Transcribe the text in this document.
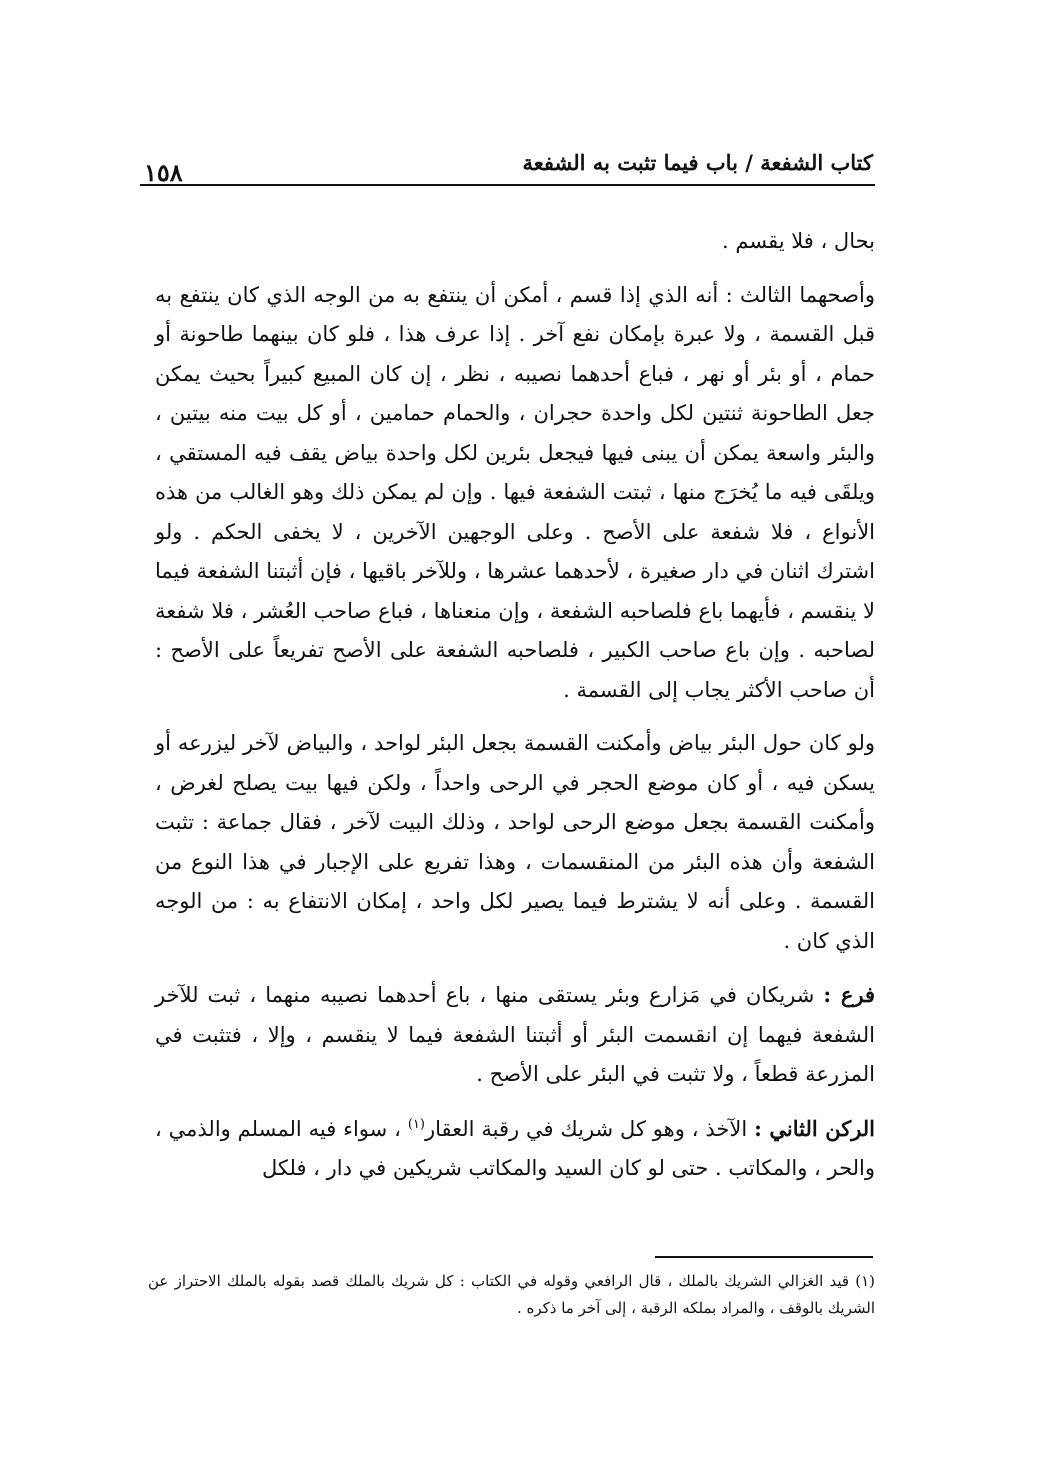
كتاب الشفعة / باب فيما تثبت به الشفعة
١٥٨

بحال ، فلا يقسم .

وأصحهما الثالث : أنه الذي إذا قسم ، أمكن أن ينتفع به من الوجه الذي كان ينتفع به قبل القسمة ، ولا عبرة بإمكان نفع آخر . إذا عرف هذا ، فلو كان بينهما طاحونة أو حمام ، أو بئر أو نهر ، فباع أحدهما نصيبه ، نظر ، إن كان المبيع كبيراً بحيث يمكن جعل الطاحونة ثنتين لكل واحدة حجران ، والحمام حمامين ، أو كل بيت منه بيتين ، والبئر واسعة يمكن أن يبنى فيها فيجعل بئرين لكل واحدة بياض يقف فيه المستقي ، ويلقَى فيه ما يُخرَج منها ، ثبتت الشفعة فيها . وإن لم يمكن ذلك وهو الغالب من هذه الأنواع ، فلا شفعة على الأصح . وعلى الوجهين الآخرين ، لا يخفى الحكم . ولو اشترك اثنان في دار صغيرة ، لأحدهما عشرها ، وللآخر باقيها ، فإن أثبتنا الشفعة فيما لا ينقسم ، فأيهما باع فلصاحبه الشفعة ، وإن منعناها ، فباع صاحب العُشر ، فلا شفعة لصاحبه . وإن باع صاحب الكبير ، فلصاحبه الشفعة على الأصح تفريعاً على الأصح : أن صاحب الأكثر يجاب إلى القسمة .

ولو كان حول البئر بياض وأمكنت القسمة بجعل البئر لواحد ، والبياض لآخر ليزرعه أو يسكن فيه ، أو كان موضع الحجر في الرحى واحداً ، ولكن فيها بيت يصلح لغرض ، وأمكنت القسمة بجعل موضع الرحى لواحد ، وذلك البيت لآخر ، فقال جماعة : تثبت الشفعة وأن هذه البئر من المنقسمات ، وهذا تفريع على الإجبار في هذا النوع من القسمة . وعلى أنه لا يشترط فيما يصير لكل واحد ، إمكان الانتفاع به : من الوجه الذي كان .

فرع : شريكان في مَزارع وبئر يستقى منها ، باع أحدهما نصيبه منهما ، ثبت للآخر الشفعة فيهما إن انقسمت البئر أو أثبتنا الشفعة فيما لا ينقسم ، وإلا ، فتثبت في المزرعة قطعاً ، ولا تثبت في البئر على الأصح .

الركن الثاني : الآخذ ، وهو كل شريك في رقبة العقار$^{(١)}$ ، سواء فيه المسلم والذمي ، والحر ، والمكاتب . حتى لو كان السيد والمكاتب شريكين في دار ، فلكل

(١) قيد الغزالي الشريك بالملك ، قال الرافعي وقوله في الكتاب : كل شريك بالملك قصد بقوله بالملك الاحتراز عن الشريك بالوقف ، والمراد بملكه الرقبة ، إلى آخر ما ذكره .
